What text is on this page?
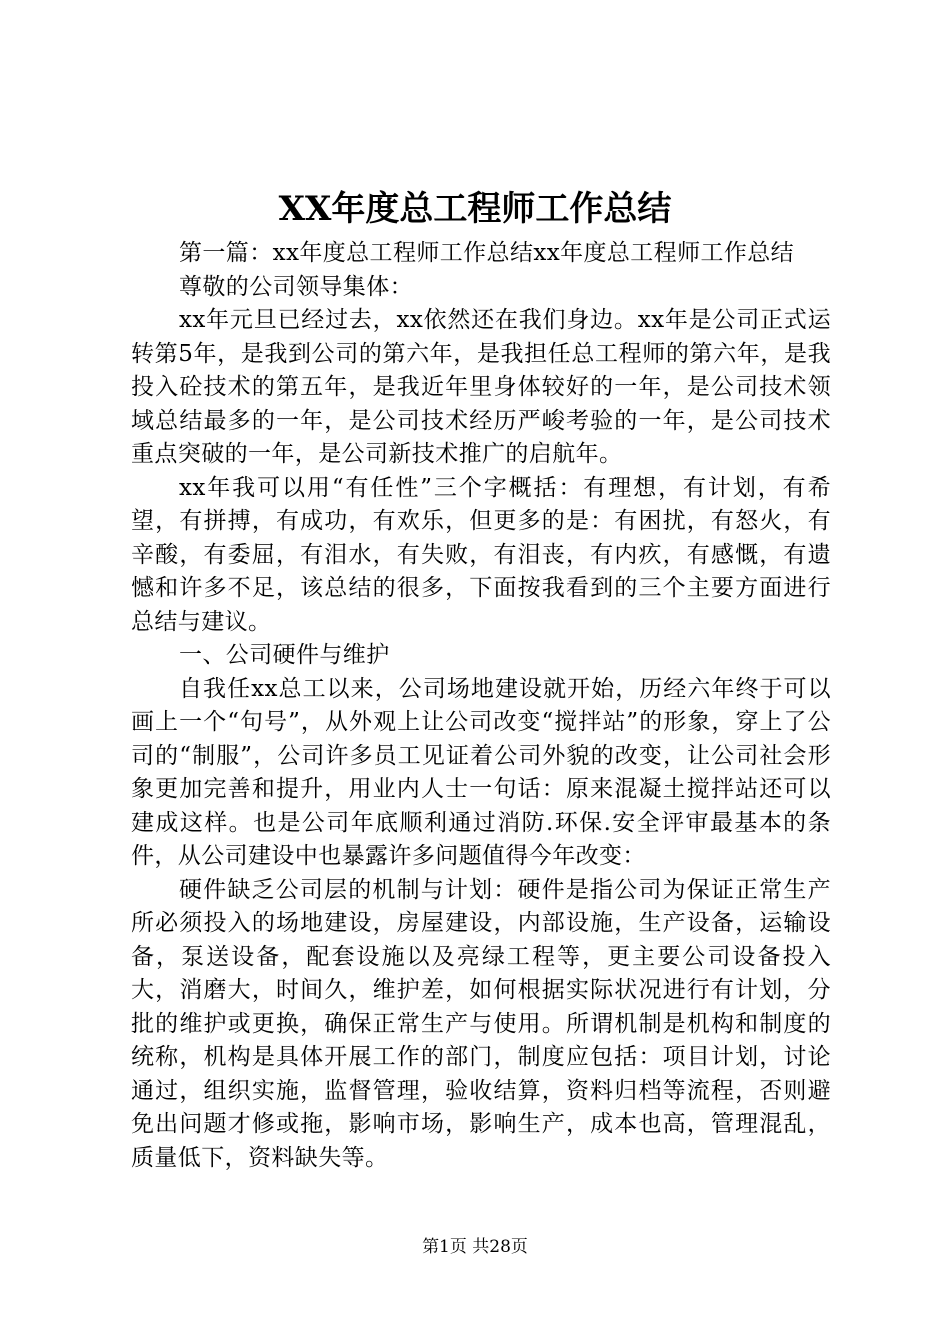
XX年度总工程师工作总结

第一篇：xx年度总工程师工作总结xx年度总工程师工作总结

尊敬的公司领导集体：

xx年元旦已经过去，xx依然还在我们身边。xx年是公司正式运转第5年，是我到公司的第六年，是我担任总工程师的第六年，是我投入砼技术的第五年，是我近年里身体较好的一年，是公司技术领域总结最多的一年，是公司技术经历严峻考验的一年，是公司技术重点突破的一年，是公司新技术推广的启航年。

xx年我可以用“有任性”三个字概括：有理想，有计划，有希望，有拼搏，有成功，有欢乐，但更多的是：有困扰，有怒火，有辛酸，有委屈，有泪水，有失败，有泪丧，有内疚，有感慨，有遗憾和许多不足，该总结的很多，下面按我看到的三个主要方面进行总结与建议。

一、公司硬件与维护

自我任xx总工以来，公司场地建设就开始，历经六年终于可以画上一个“句号”，从外观上让公司改变“搅拌站”的形象，穿上了公司的“制服”，公司许多员工见证着公司外貌的改变，让公司社会形象更加完善和提升，用业内人士一句话：原来混凝土搅拌站还可以建成这样。也是公司年底顺利通过消防.环保.安全评审最基本的条件，从公司建设中也暴露许多问题值得今年改变：

硬件缺乏公司层的机制与计划：硬件是指公司为保证正常生产所必须投入的场地建设，房屋建设，内部设施，生产设备，运输设备，泵送设备，配套设施以及亮绿工程等，更主要公司设备投入大，消磨大，时间久，维护差，如何根据实际状况进行有计划，分批的维护或更换，确保正常生产与使用。所谓机制是机构和制度的统称，机构是具体开展工作的部门，制度应包括：项目计划，讨论通过，组织实施，监督管理，验收结算，资料归档等流程，否则避免出问题才修或拖，影响市场，影响生产，成本也高，管理混乱，质量低下，资料缺失等。

第1页 共28页
